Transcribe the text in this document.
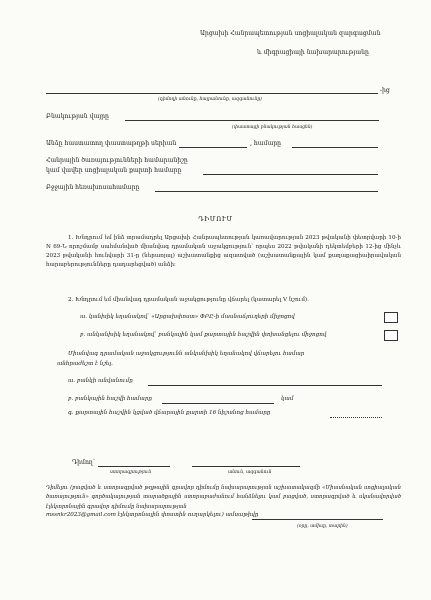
Արցախի Հանրապետության սոցիալական զարգացման
և միգրացիայի նախարարությանը
-ից
(դիմողի անունը, հայրանունը, ազգանունը)
Բնակության վայրը
(փաստացի բնակության հասցեն)
Անձը հաստատող փաստաթղթի սերիան	, համարը
Հանրային ծառայությունների համարանիշը
կամ վավեր սոցիալական քարտի համարը
Բջջային հեռախոսահամարը
ԴԻՄՈՒՄ

1. Խնդրում եմ ինձ տրամադրել Արցախի Հանրապետության կառավարության 2023 թվականի փետրվարի 10-ի N 69-Ն որոշմամբ սահմանված միանվագ դրամական աջակցություն՝ որպես 2022 թվականի դեկտեմբերի 12-ից մինչև 2023 թվականի հունվարի 31-ը (ներառյալ) աշխատանքից ազատված (աշխատանքային կամ քաղաքացիաիրավական հարաբերությունները դադարեցված) անձի:

2. Խնդրում եմ միանվագ դրամական աջակցությունը վճարել (կատարել V նշում).
ա. կանխիկ եղանակով՝ «Արցախփոստ» ՓԲԸ-ի մասնաճյուղերի միջոցով
բ. անկանխիկ եղանակով՝ բանկային կամ քարտային հաշվին փոխանցելու միջոցով
Միանվագ դրամական աջակցությունն անկանխիկ եղանակով վճարելու համար
անհրաժեշտ է նշել.
ա. բանկի անվանումը
բ. բանկային հաշվի համարը	կամ
գ. քարտային հաշվին կցված վճարային քարտի 16 նիշանոց համարը
Դիմող՝
ստորագրություն	անուն, ազգանուն

Դիմելու (բացված և ստորագրված թղթային գրավոր դիմումը նախարարության աշխատակազմի «Միասնական սոցիալական ծառայություն» գործակալության տարածքային ստորաբաժանում հանձնելու կամ բացված, ստորագրված և սկանավորված էլեկտրոնային գրավոր դիմումը նախարարության

mssnkr2023@gmail.com էլեկտրոնային փոստին ուղարկելու) ամսաթիվը
(օրը, ամիսը, տարին)
